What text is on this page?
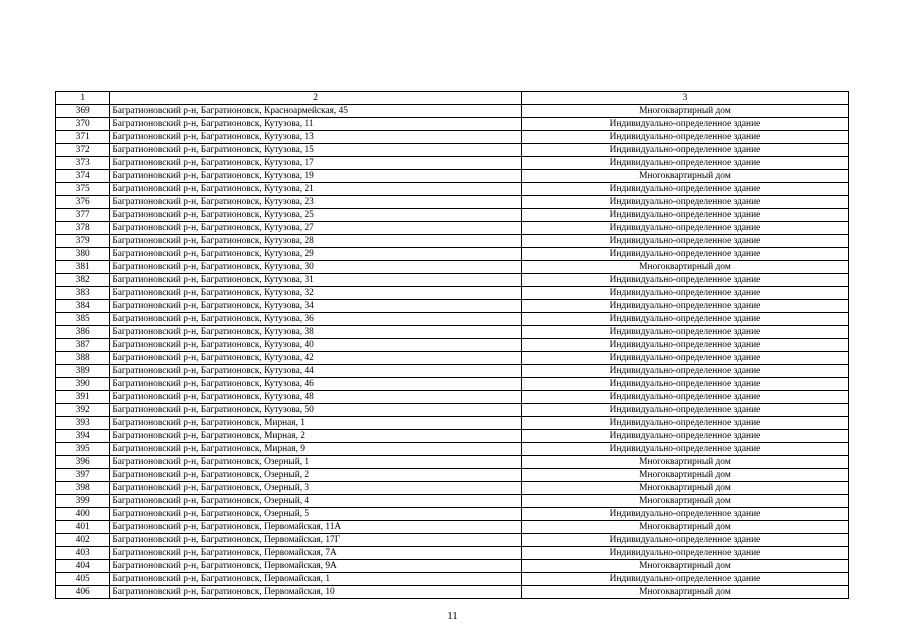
1	2	3
369	Багратионовский р-н, Багратионовск, Красноармейская, 45	Многоквартирный дом
370	Багратионовский р-н, Багратионовск, Кутузова, 11	Индивидуально-определенное здание
371	Багратионовский р-н, Багратионовск, Кутузова, 13	Индивидуально-определенное здание
372	Багратионовский р-н, Багратионовск, Кутузова, 15	Индивидуально-определенное здание
373	Багратионовский р-н, Багратионовск, Кутузова, 17	Индивидуально-определенное здание
374	Багратионовский р-н, Багратионовск, Кутузова, 19	Многоквартирный дом
375	Багратионовский р-н, Багратионовск, Кутузова, 21	Индивидуально-определенное здание
376	Багратионовский р-н, Багратионовск, Кутузова, 23	Индивидуально-определенное здание
377	Багратионовский р-н, Багратионовск, Кутузова, 25	Индивидуально-определенное здание
378	Багратионовский р-н, Багратионовск, Кутузова, 27	Индивидуально-определенное здание
379	Багратионовский р-н, Багратионовск, Кутузова, 28	Индивидуально-определенное здание
380	Багратионовский р-н, Багратионовск, Кутузова, 29	Индивидуально-определенное здание
381	Багратионовский р-н, Багратионовск, Кутузова, 30	Многоквартирный дом
382	Багратионовский р-н, Багратионовск, Кутузова, 31	Индивидуально-определенное здание
383	Багратионовский р-н, Багратионовск, Кутузова, 32	Индивидуально-определенное здание
384	Багратионовский р-н, Багратионовск, Кутузова, 34	Индивидуально-определенное здание
385	Багратионовский р-н, Багратионовск, Кутузова, 36	Индивидуально-определенное здание
386	Багратионовский р-н, Багратионовск, Кутузова, 38	Индивидуально-определенное здание
387	Багратионовский р-н, Багратионовск, Кутузова, 40	Индивидуально-определенное здание
388	Багратионовский р-н, Багратионовск, Кутузова, 42	Индивидуально-определенное здание
389	Багратионовский р-н, Багратионовск, Кутузова, 44	Индивидуально-определенное здание
390	Багратионовский р-н, Багратионовск, Кутузова, 46	Индивидуально-определенное здание
391	Багратионовский р-н, Багратионовск, Кутузова, 48	Индивидуально-определенное здание
392	Багратионовский р-н, Багратионовск, Кутузова, 50	Индивидуально-определенное здание
393	Багратионовский р-н, Багратионовск, Мирная, 1	Индивидуально-определенное здание
394	Багратионовский р-н, Багратионовск, Мирная, 2	Индивидуально-определенное здание
395	Багратионовский р-н, Багратионовск, Мирная, 9	Индивидуально-определенное здание
396	Багратионовский р-н, Багратионовск, Озерный, 1	Многоквартирный дом
397	Багратионовский р-н, Багратионовск, Озерный, 2	Многоквартирный дом
398	Багратионовский р-н, Багратионовск, Озерный, 3	Многоквартирный дом
399	Багратионовский р-н, Багратионовск, Озерный, 4	Многоквартирный дом
400	Багратионовский р-н, Багратионовск, Озерный, 5	Индивидуально-определенное здание
401	Багратионовский р-н, Багратионовск, Первомайская, 11А	Многоквартирный дом
402	Багратионовский р-н, Багратионовск, Первомайская, 17Г	Индивидуально-определенное здание
403	Багратионовский р-н, Багратионовск, Первомайская, 7А	Индивидуально-определенное здание
404	Багратионовский р-н, Багратионовск, Первомайская, 9А	Многоквартирный дом
405	Багратионовский р-н, Багратионовск, Первомайская, 1	Индивидуально-определенное здание
406	Багратионовский р-н, Багратионовск, Первомайская, 10	Многоквартирный дом
11
